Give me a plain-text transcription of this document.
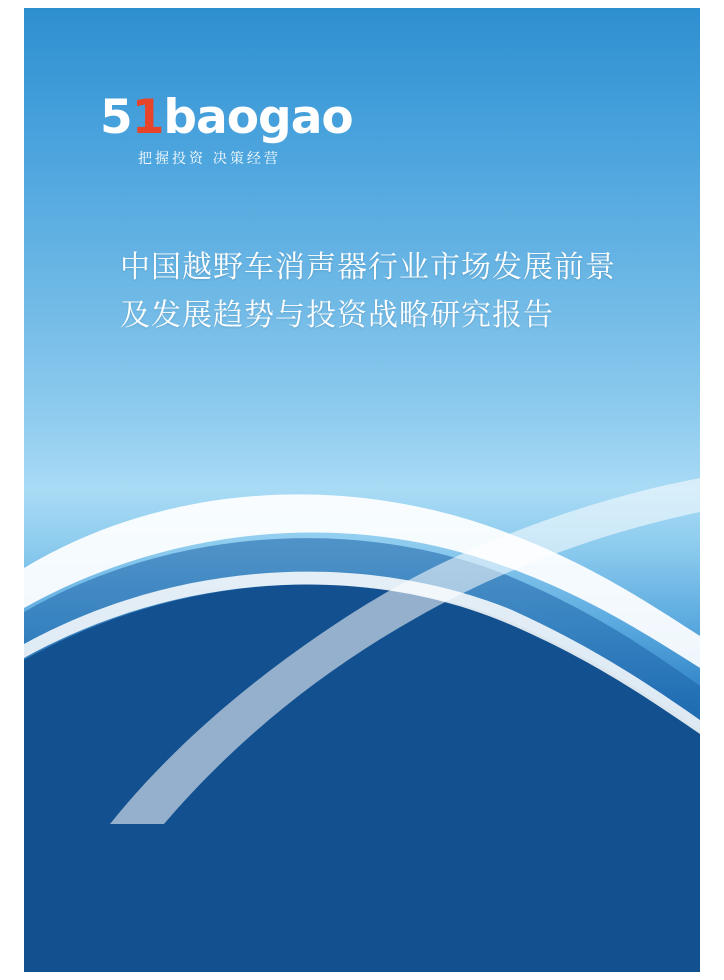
51baogao
把握投资 决策经营
中国越野车消声器行业市场发展前景
及发展趋势与投资战略研究报告
